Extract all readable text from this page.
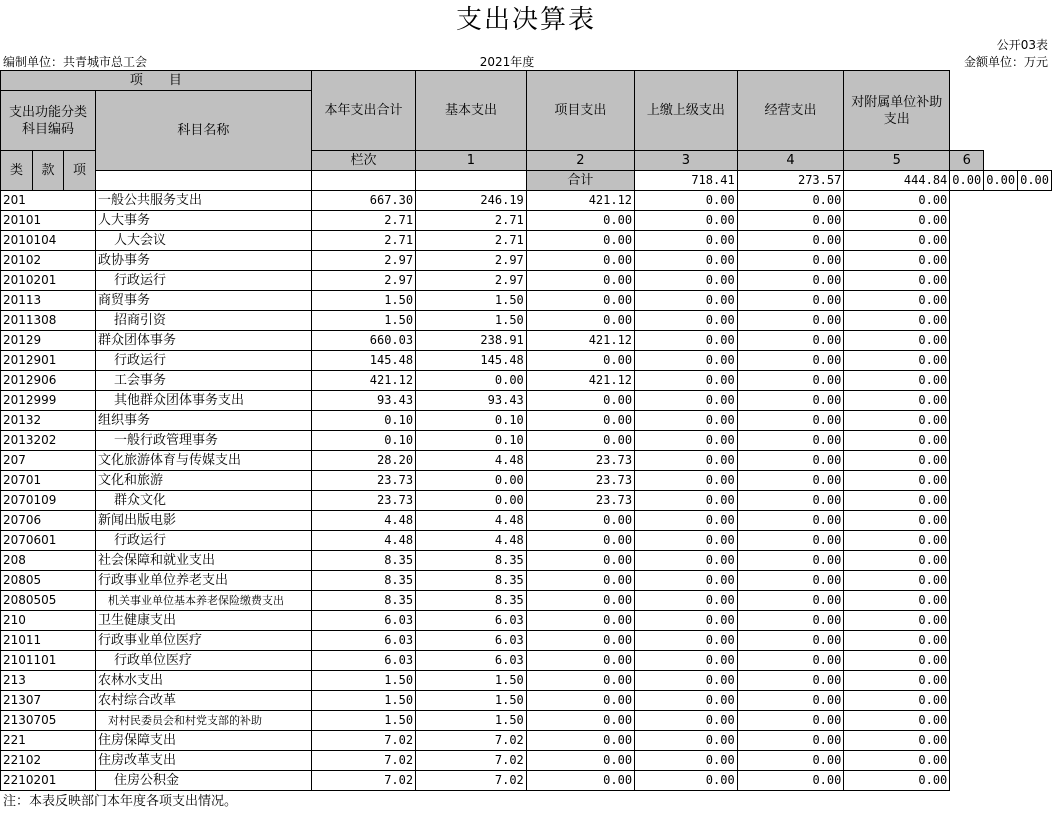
支出决算表
公开03表
编制单位：共青城市总工会	2021年度	金额单位：万元
项　　目				本年支出合计	基本支出	项目支出	上缴上级支出	经营支出	对附属单位补助支出			
支出功能分类科目编码			科目名称									

类	款	项										
				栏次	1	2	3	4	5	6		
						合计	718.41	273.57	444.84	0.00	0.00	0.00
201			一般公共服务支出	667.30	246.19	421.12	0.00	0.00	0.00			
20101			人大事务	2.71	2.71	0.00	0.00	0.00	0.00			
2010104			人大会议	2.71	2.71	0.00	0.00	0.00	0.00			
20102			政协事务	2.97	2.97	0.00	0.00	0.00	0.00			
2010201			行政运行	2.97	2.97	0.00	0.00	0.00	0.00			
20113			商贸事务	1.50	1.50	0.00	0.00	0.00	0.00			
2011308			招商引资	1.50	1.50	0.00	0.00	0.00	0.00			
20129			群众团体事务	660.03	238.91	421.12	0.00	0.00	0.00			
2012901			行政运行	145.48	145.48	0.00	0.00	0.00	0.00			
2012906			工会事务	421.12	0.00	421.12	0.00	0.00	0.00			
2012999			其他群众团体事务支出	93.43	93.43	0.00	0.00	0.00	0.00			
20132			组织事务	0.10	0.10	0.00	0.00	0.00	0.00			
2013202			一般行政管理事务	0.10	0.10	0.00	0.00	0.00	0.00			
207			文化旅游体育与传媒支出	28.20	4.48	23.73	0.00	0.00	0.00			
20701			文化和旅游	23.73	0.00	23.73	0.00	0.00	0.00			
2070109			群众文化	23.73	0.00	23.73	0.00	0.00	0.00			
20706			新闻出版电影	4.48	4.48	0.00	0.00	0.00	0.00			
2070601			行政运行	4.48	4.48	0.00	0.00	0.00	0.00			
208			社会保障和就业支出	8.35	8.35	0.00	0.00	0.00	0.00			
20805			行政事业单位养老支出	8.35	8.35	0.00	0.00	0.00	0.00			
2080505			机关事业单位基本养老保险缴费支出	8.35	8.35	0.00	0.00	0.00	0.00			
210			卫生健康支出	6.03	6.03	0.00	0.00	0.00	0.00			
21011			行政事业单位医疗	6.03	6.03	0.00	0.00	0.00	0.00			
2101101			行政单位医疗	6.03	6.03	0.00	0.00	0.00	0.00			
213			农林水支出	1.50	1.50	0.00	0.00	0.00	0.00			
21307			农村综合改革	1.50	1.50	0.00	0.00	0.00	0.00			
2130705			对村民委员会和村党支部的补助	1.50	1.50	0.00	0.00	0.00	0.00			
221			住房保障支出	7.02	7.02	0.00	0.00	0.00	0.00			
22102			住房改革支出	7.02	7.02	0.00	0.00	0.00	0.00			
2210201			住房公积金	7.02	7.02	0.00	0.00	0.00	0.00			
注：本表反映部门本年度各项支出情况。
